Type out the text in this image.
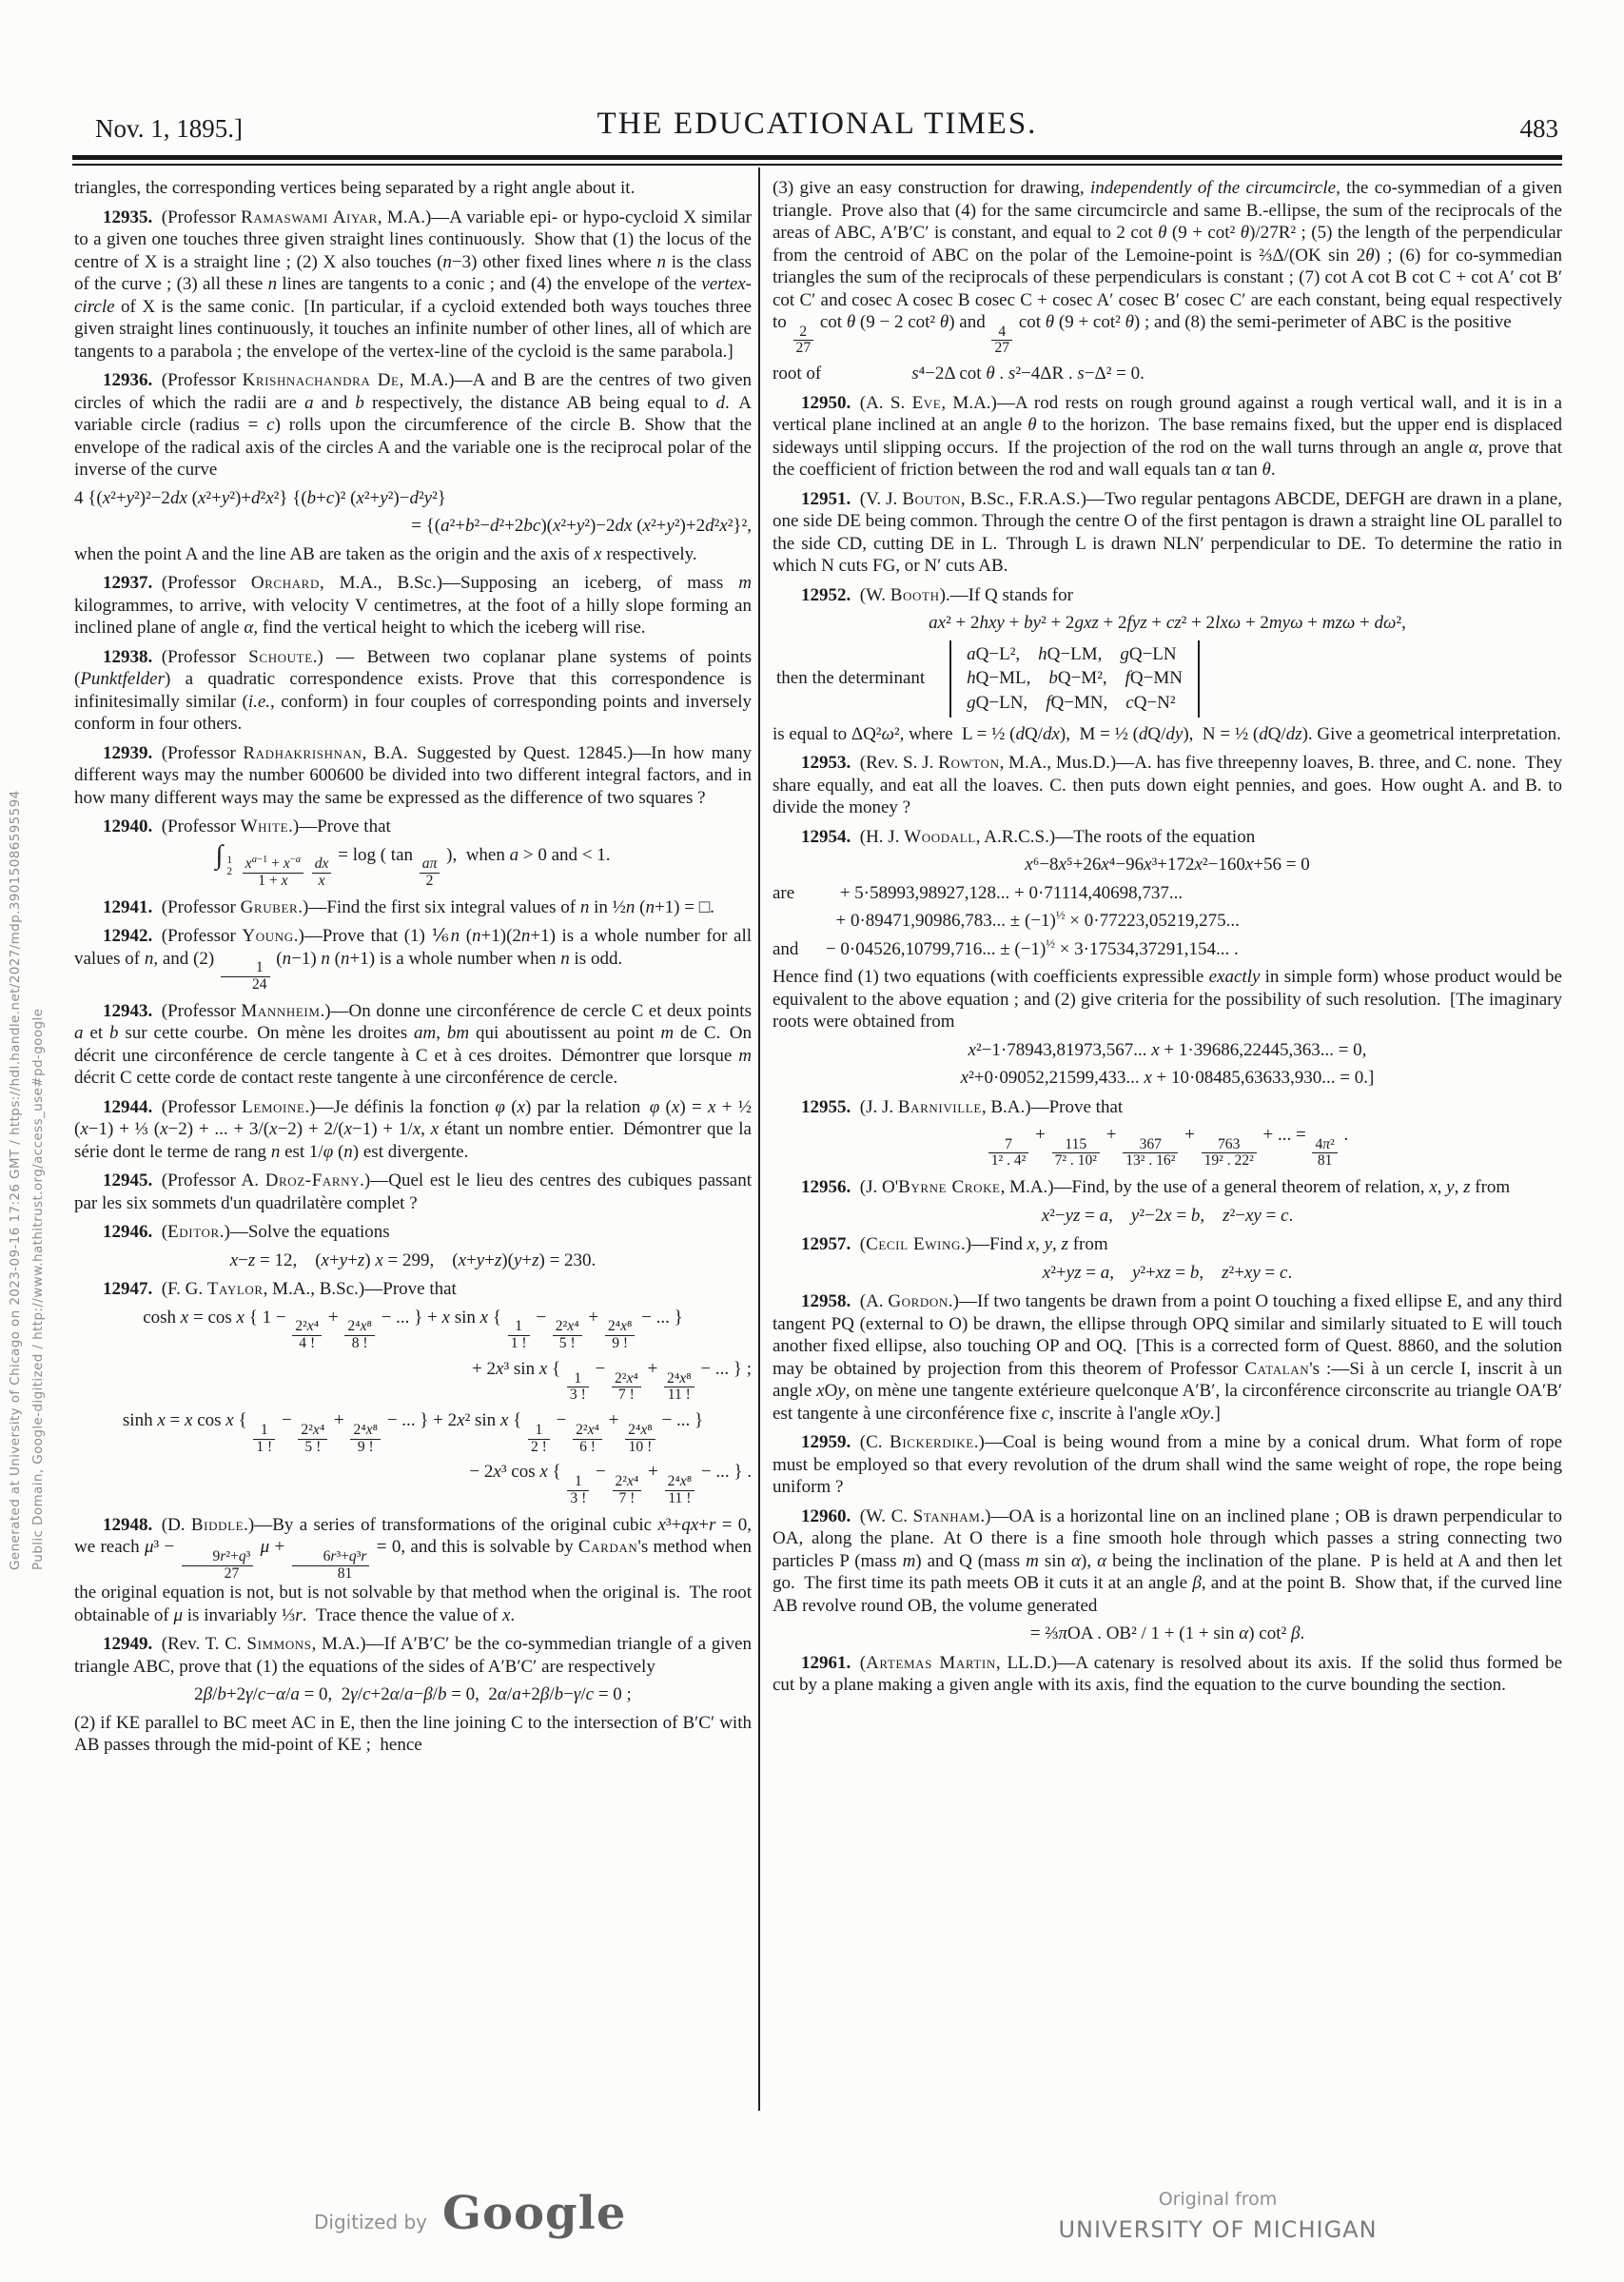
Generated at University of Chicago on 2023-09-16 17:26 GMT / https://hdl.handle.net/2027/mdp.39015086595594 Public Domain, Google-digitized / http://www.hathitrust.org/access_use#pd-google
Nov. 1, 1895.]	THE EDUCATIONAL TIMES.	483
triangles, the corresponding vertices being separated by a right angle about it.
12935. (Professor Ramaswami Aiyar, M.A.)—A variable epi- or hypo-cycloid X similar to a given one touches three given straight lines continuously. Show that (1) the locus of the centre of X is a straight line ; (2) X also touches (n−3) other fixed lines where n is the class of the curve ; (3) all these n lines are tangents to a conic ; and (4) the envelope of the vertex-circle of X is the same conic. [In particular, if a cycloid extended both ways touches three given straight lines continuously, it touches an infinite number of other lines, all of which are tangents to a parabola ; the envelope of the vertex-line of the cycloid is the same parabola.]
12936. (Professor Krishnachandra De, M.A.)—A and B are the centres of two given circles of which the radii are a and b respectively, the distance AB being equal to d. A variable circle (radius = c) rolls upon the circumference of the circle B. Show that the envelope of the radical axis of the circles A and the variable one is the reciprocal polar of the inverse of the curve
4 {(x²+y²)²−2dx (x²+y²)+d²x²} {(b+c)² (x²+y²)−d²y²}
= {(a²+b²−d²+2bc)(x²+y²)−2dx (x²+y²)+2d²x²}²,
when the point A and the line AB are taken as the origin and the axis of x respectively.
12937. (Professor Orchard, M.A., B.Sc.)—Supposing an iceberg, of mass m kilogrammes, to arrive, with velocity V centimetres, at the foot of a hilly slope forming an inclined plane of angle α, find the vertical height to which the iceberg will rise.
12938. (Professor Schoute.) — Between two coplanar plane systems of points (Punktfelder) a quadratic correspondence exists. Prove that this correspondence is infinitesimally similar (i.e., conform) in four couples of corresponding points and inversely conform in four others.
12939. (Professor Radhakrishnan, B.A. Suggested by Quest. 12845.)—In how many different ways may the number 600600 be divided into two different integral factors, and in how many different ways may the same be expressed as the difference of two squares ?
12940. (Professor White.)—Prove that
∫ 1
2
$\frac{x^{a-1} + x^{-a}}{1 + x}$
$\frac{dx}{x}$
= log ( tan
$\frac{a\pi}{2}$
), when a > 0 and < 1.
12941. (Professor Gruber.)—Find the first six integral values of n in ½n (n+1) = □.
12942. (Professor Young.)—Prove that (1) ⅙n (n+1)(2n+1) is a whole number for all values of n, and (2)
$\frac{1}{24}$
(n−1) n (n+1) is a whole number when n is odd.
12943. (Professor Mannheim.)—On donne une circonférence de cercle C et deux points a et b sur cette courbe. On mène les droites am, bm qui aboutissent au point m de C. On décrit une circonférence de cercle tangente à C et à ces droites. Démontrer que lorsque m décrit C cette corde de contact reste tangente à une circonférence de cercle.
12944. (Professor Lemoine.)—Je définis la fonction φ (x) par la relation φ (x) = x + ½ (x−1) + ⅓ (x−2) + ... + 3/(x−2) + 2/(x−1) + 1/x, x étant un nombre entier. Démontrer que la série dont le terme de rang n est 1/φ (n) est divergente.
12945. (Professor A. Droz-Farny.)—Quel est le lieu des centres des cubiques passant par les six sommets d'un quadrilatère complet ?
12946. (Editor.)—Solve the equations
x−z = 12, (x+y+z) x = 299, (x+y+z)(y+z) = 230.
12947. (F. G. Taylor, M.A., B.Sc.)—Prove that
cosh x = cos x { 1 −
$\frac{\text{2²x⁴}}{4 !}$
+
$\frac{\text{2⁴x⁸}}{8 !}$
− ... } + x sin x {
$\frac{1}{1 !}$
−
$\frac{\text{2²x⁴}}{5 !}$
+
$\frac{\text{2⁴x⁸}}{9 !}$
− ... }
+ 2x³ sin x {
$\frac{1}{3 !}$
−
$\frac{\text{2²x⁴}}{7 !}$
+
$\frac{\text{2⁴x⁸}}{11 !}$
− ... } ;
sinh x = x cos x {
$\frac{1}{1 !}$
−
$\frac{\text{2²x⁴}}{5 !}$
+
$\frac{\text{2⁴x⁸}}{9 !}$
− ... } + 2x² sin x {
$\frac{1}{2 !}$
−
$\frac{\text{2²x⁴}}{6 !}$
+
$\frac{\text{2⁴x⁸}}{10 !}$
− ... }
− 2x³ cos x {
$\frac{1}{3 !}$
−
$\frac{\text{2²x⁴}}{7 !}$
+
$\frac{\text{2⁴x⁸}}{11 !}$
− ... } .
12948. (D. Biddle.)—By a series of transformations of the original cubic x³+qx+r = 0, we reach μ³ −
$\frac{\text{9r²+q³}}{27}$
μ +
$\frac{\text{6r³+q³r}}{81}$
= 0, and this is solvable by Cardan's method when the original equation is not, but is not solvable by that method when the original is. The root obtainable of μ is invariably ⅓r. Trace thence the value of x.
12949. (Rev. T. C. Simmons, M.A.)—If A′B′C′ be the co-symmedian triangle of a given triangle ABC, prove that (1) the equations of the sides of A′B′C′ are respectively
2β/b+2γ/c−α/a = 0, 2γ/c+2α/a−β/b = 0, 2α/a+2β/b−γ/c = 0 ;
(2) if KE parallel to BC meet AC in E, then the line joining C to the intersection of B′C′ with AB passes through the mid-point of KE ; hence
(3) give an easy construction for drawing, independently of the circumcircle, the co-symmedian of a given triangle. Prove also that (4) for the same circumcircle and same B.-ellipse, the sum of the reciprocals of the areas of ABC, A′B′C′ is constant, and equal to 2 cot θ (9 + cot² θ)/27R² ; (5) the length of the perpendicular from the centroid of ABC on the polar of the Lemoine-point is ⅔Δ/(OK sin 2θ) ; (6) for co-symmedian triangles the sum of the reciprocals of these perpendiculars is constant ; (7) cot A cot B cot C + cot A′ cot B′ cot C′ and cosec A cosec B cosec C + cosec A′ cosec B′ cosec C′ are each constant, being equal respectively to
$\frac{2}{27}$
cot θ (9 − 2 cot² θ) and
$\frac{4}{27}$
cot θ (9 + cot² θ) ; and (8) the semi-perimeter of ABC is the positive
root of     s⁴−2Δ cot θ . s²−4ΔR . s−Δ² = 0.
12950. (A. S. Eve, M.A.)—A rod rests on rough ground against a rough vertical wall, and it is in a vertical plane inclined at an angle θ to the horizon. The base remains fixed, but the upper end is displaced sideways until slipping occurs. If the projection of the rod on the wall turns through an angle α, prove that the coefficient of friction between the rod and wall equals tan α tan θ.
12951. (V. J. Bouton, B.Sc., F.R.A.S.)—Two regular pentagons ABCDE, DEFGH are drawn in a plane, one side DE being common. Through the centre O of the first pentagon is drawn a straight line OL parallel to the side CD, cutting DE in L. Through L is drawn NLN′ perpendicular to DE. To determine the ratio in which N cuts FG, or N′ cuts AB.
12952. (W. Booth).—If Q stands for
ax² + 2hxy + by² + 2gxz + 2fyz + cz² + 2lxω + 2myω + mzω + dω²,
then the determinant
aQ−L²,  hQ−LM,  gQ−LN
hQ−ML,  bQ−M²,  fQ−MN
gQ−LN,  fQ−MN,  cQ−N²
is equal to ΔQ²ω², where L = ½ (dQ/dx), M = ½ (dQ/dy), N = ½ (dQ/dz). Give a geometrical interpretation.
12953. (Rev. S. J. Rowton, M.A., Mus.D.)—A. has five threepenny loaves, B. three, and C. none. They share equally, and eat all the loaves. C. then puts down eight pennies, and goes. How ought A. and B. to divide the money ?
12954. (H. J. Woodall, A.R.C.S.)—The roots of the equation
x⁶−8x⁵+26x⁴−96x³+172x²−160x+56 = 0
are   + 5·58993,98927,128... + 0·71114,40698,737...
    + 0·89471,90986,783... ± $(-1)^{\frac{1}{2}} \times 0\cdot 77223,05219,275$...
and  − 0·04526,10799,716... ± $(-1)^{\frac{1}{2}} \times 3\cdot 17534,37291,154$... .
Hence find (1) two equations (with coefficients expressible exactly in simple form) whose product would be equivalent to the above equation ; and (2) give criteria for the possibility of such resolution. [The imaginary roots were obtained from
x²−1·78943,81973,567... x + 1·39686,22445,363... = 0,
x²+0·09052,21599,433... x + 10·08485,63633,930... = 0.]
12955. (J. J. Barniville, B.A.)—Prove that
$\frac{7}{\text{1² . 4²}}$
+
$\frac{115}{\text{7² . 10²}}$
+
$\frac{367}{\text{13² . 16²}}$
+
$\frac{763}{\text{19² . 22²}}$
+ ... =
$\frac{\text{4π²}}{81}$
.
12956. (J. O'Byrne Croke, M.A.)—Find, by the use of a general theorem of relation, x, y, z from
x²−yz = a, y²−2x = b, z²−xy = c.
12957. (Cecil Ewing.)—Find x, y, z from
x²+yz = a, y²+xz = b, z²+xy = c.
12958. (A. Gordon.)—If two tangents be drawn from a point O touching a fixed ellipse E, and any third tangent PQ (external to O) be drawn, the ellipse through OPQ similar and similarly situated to E will touch another fixed ellipse, also touching OP and OQ. [This is a corrected form of Quest. 8860, and the solution may be obtained by projection from this theorem of Professor Catalan's :—Si à un cercle I, inscrit à un angle xOy, on mène une tangente extérieure quelconque A′B′, la circonférence circonscrite au triangle OA′B′ est tangente à une circonférence fixe c, inscrite à l'angle xOy.]
12959. (C. Bickerdike.)—Coal is being wound from a mine by a conical drum. What form of rope must be employed so that every revolution of the drum shall wind the same weight of rope, the rope being uniform ?
12960. (W. C. Stanham.)—OA is a horizontal line on an inclined plane ; OB is drawn perpendicular to OA, along the plane. At O there is a fine smooth hole through which passes a string connecting two particles P (mass m) and Q (mass m sin α), α being the inclination of the plane. P is held at A and then let go. The first time its path meets OB it cuts it at an angle β, and at the point B. Show that, if the curved line AB revolve round OB, the volume generated
= ⅔πOA . OB² / 1 + (1 + sin α) cot² β.
12961. (Artemas Martin, LL.D.)—A catenary is resolved about its axis. If the solid thus formed be cut by a plane making a given angle with its axis, find the equation to the curve bounding the section.
Digitized by Google	Original from
UNIVERSITY OF MICHIGAN
